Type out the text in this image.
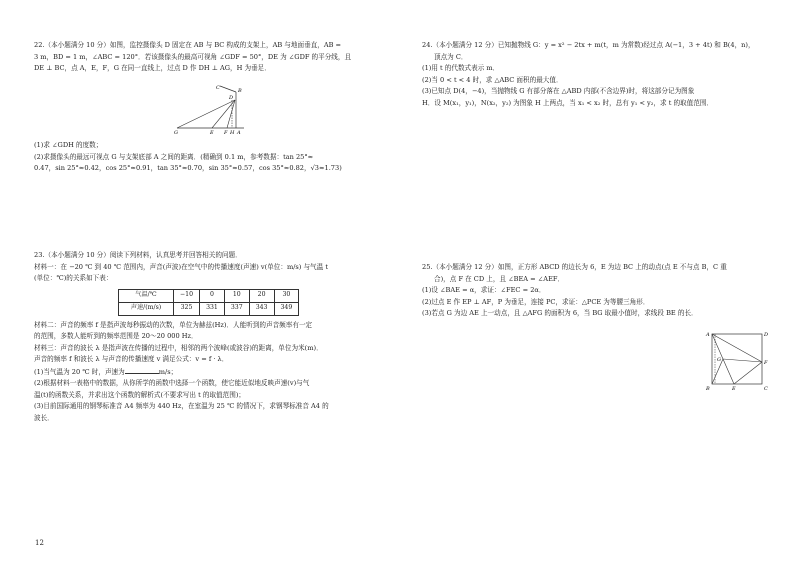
22.（本小题满分 10 分）如图，监控摄像头 D 固定在 AB 与 BC 构成的支架上，AB 与地面垂直，AB =

3 m，BD = 1 m，∠ABC = 120°．若该摄像头的最高可视角 ∠GDF = 50°，DE 为 ∠GDF 的平分线，且

DE ⊥ BC，点 A，E，F，G 在同一直线上，过点 D 作 DH ⊥ AG，H 为垂足．

C	B
D
G	E F H A

(1)求 ∠GDH 的度数；

(2)求摄像头的最远可视点 G 与支架底部 A 之间的距离．(精确到 0.1 m，参考数据：tan 25°≈

0.47，sin 25°≈0.42，cos 25°≈0.91，tan 35°≈0.70，sin 35°≈0.57，cos 35°≈0.82，√3≈1.73)

23.（本小题满分 10 分）阅读下列材料，认真思考并回答相关的问题．

材料一：在 −20 ℃ 到 40 ℃ 范围内，声音(声波)在空气中的传播速度(声速) v(单位：m/s) 与气温 t

(单位：℃)的关系如下表：

气温/℃	−10	0	10	20	30
声速/(m/s)	325	331	337	343	349

材料二：声音的频率 f 是指声波每秒振动的次数，单位为赫兹(Hz)．人能听到的声音频率有一定

的范围，多数人能听到的频率范围是 20～20 000 Hz．

材料三：声音的波长 λ 是指声波在传播的过程中，相邻的两个波峰(或波谷)的距离，单位为米(m)．

声音的频率 f 和波长 λ 与声音的传播速度 v 满足公式：v = f · λ．

(1)当气温为 20 ℃ 时，声速为	m/s；

(2)根据材料一表格中的数据，从你所学的函数中选择一个函数，使它能近似地反映声速(v)与气

温(t)的函数关系，并求出这个函数的解析式(不要求写出 t 的取值范围)；

(3)目前国际通用的钢琴标准音 A4 频率为 440 Hz，在室温为 25 ℃ 的情况下，求钢琴标准音 A4 的

波长．

24.（本小题满分 12 分）已知抛物线 G：y = x² − 2tx + m(t，m 为常数)经过点 A(−1，3 + 4t) 和 B(4，n)，

顶点为 C．

(1)用 t 的代数式表示 m．

(2)当 0 < t < 4 时，求 △ABC 面积的最大值．

(3)已知点 D(4，−4)，当抛物线 G 有部分落在 △ABD 内部(不含边界)时，将这部分记为图象

H．设 M(x₁，y₁)，N(x₂，y₂) 为图象 H 上两点，当 x₁ < x₂ 时，总有 y₁ < y₂，求 t 的取值范围．

25.（本小题满分 12 分）如图，正方形 ABCD 的边长为 6，E 为边 BC 上的动点(点 E 不与点 B，C 重

合)，点 F 在 CD 上，且 ∠BEA = ∠AEF．

(1)设 ∠BAE = α，求证：∠FEC = 2α．

(2)过点 E 作 EP ⊥ AF，P 为垂足，连接 PC，求证：△PCE 为等腰三角形．

(3)若点 G 为边 AE 上一动点，且 △AFG 的面积为 6，当 BG 取最小值时，求线段 BE 的长．

A	D
F
G
B	E	C
12
